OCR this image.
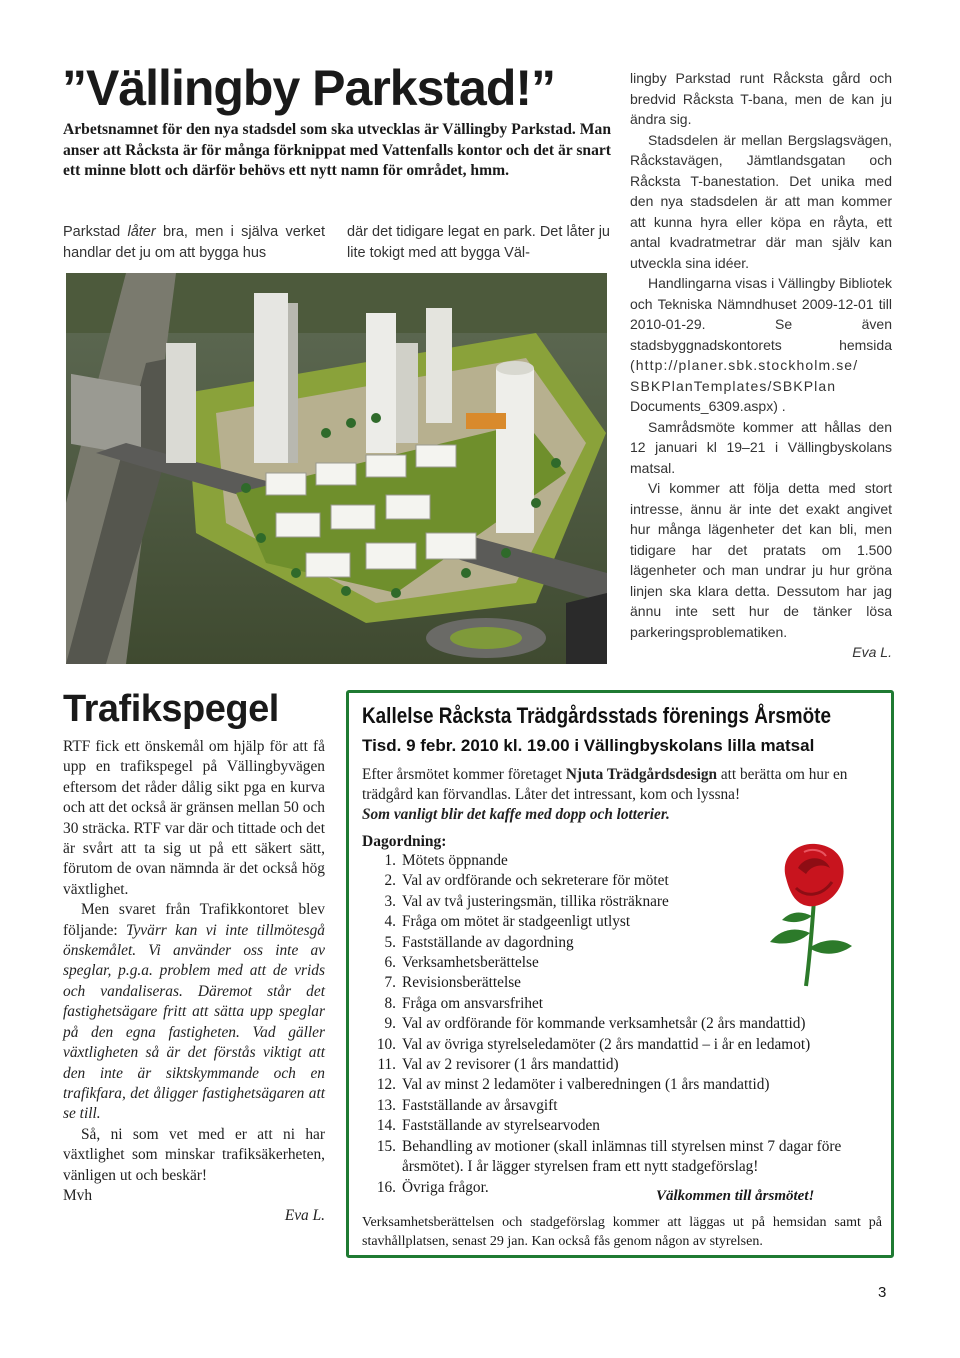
”Vällingby Parkstad!”
Arbetsnamnet för den nya stadsdel som ska utvecklas är Vällingby Parkstad. Man anser att Råcksta är för många förknippat med Vattenfalls kontor och det är snart ett minne blott och därför behövs ett nytt namn för området, hmm.
Parkstad låter bra, men i själva verket handlar det ju om att bygga hus
där det tidigare legat en park. Det låter ju lite tokigt med att bygga Väl-

lingby Parkstad runt Råcksta gård och bredvid Råcksta T-bana, men de kan ju ändra sig.

Stadsdelen är mellan Bergslagsvägen, Råckstavägen, Jämtlandsgatan och Råcksta T-banestation. Det unika med den nya stadsdelen är att man kommer att kunna hyra eller köpa en råyta, ett antal kvadratmetrar där man själv kan utveckla sina idéer.

Handlingarna visas i Vällingby Bibliotek och Tekniska Nämndhuset 2009-12-01 till 2010-01-29. Se även stadsbyggnadskontorets hemsida (http://planer.sbk.stockholm.se/ SBKPlanTemplates/SBKPlan Documents_6309.aspx) .

Samrådsmöte kommer att hållas den 12 januari kl 19–21 i Vällingbyskolans matsal.

Vi kommer att följa detta med stort intresse, ännu är inte det exakt angivet hur många lägenheter det kan bli, men tidigare har det pratats om 1.500 lägenheter och man undrar ju hur gröna linjen ska klara detta. Dessutom har jag ännu inte sett hur de tänker lösa parkeringsproblematiken.

Eva L.
Trafikspegel

RTF fick ett önskemål om hjälp för att få upp en trafikspegel på Vällingbyvägen eftersom det råder dålig sikt pga en kurva och att det också är gränsen mellan 50 och 30 sträcka. RTF var där och tittade och det är svårt att ta sig ut på ett säkert sätt, förutom de ovan nämnda är det också hög växtlighet.

Men svaret från Trafikkontoret blev följande: Tyvärr kan vi inte tillmötesgå önskemålet. Vi använder oss inte av speglar, p.g.a. problem med att de vrids och vandaliseras. Däremot står det fastighetsägare fritt att sätta upp speglar på den egna fastigheten. Vad gäller växtligheten så är det förstås viktigt att den inte är siktskymmande och en trafikfara, det åligger fastighetsägaren att se till.

Så, ni som vet med er att ni har växtlighet som minskar trafiksäkerheten, vänligen ut och beskär!

Mvh

Eva L.
Kallelse Råcksta Trädgårdsstads förenings Årsmöte
Tisd. 9 febr. 2010 kl. 19.00 i Vällingbyskolans lilla matsal
Efter årsmötet kommer företaget Njuta Trädgårdsdesign att berätta om hur en trädgård kan förvandlas. Låter det intressant, kom och lyssna!
Som vanligt blir det kaffe med dopp och lotterier.
Dagordning:
1. Mötets öppnande
2. Val av ordförande och sekreterare för mötet
3. Val av två justeringsmän, tillika rösträknare
4. Fråga om mötet är stadgeenligt utlyst
5. Fastställande av dagordning
6. Verksamhetsberättelse
7. Revisionsberättelse
8. Fråga om ansvarsfrihet
9. Val av ordförande för kommande verksamhetsår (2 års mandattid)
10. Val av övriga styrelseledamöter (2 års mandattid – i år en ledamot)
11. Val av 2 revisorer (1 års mandattid)
12. Val av minst 2 ledamöter i valberedningen (1 års mandattid)
13. Fastställande av årsavgift
14. Fastställande av styrelsearvoden
15. Behandling av motioner (skall inlämnas till styrelsen minst 7 dagar före årsmötet). I år lägger styrelsen fram ett nytt stadgeförslag!
16. Övriga frågor.
Välkommen till årsmötet!
Verksamhetsberättelsen och stadgeförslag kommer att läggas ut på hemsidan samt på stavhållplatsen, senast 29 jan. Kan också fås genom någon av styrelsen.
3
